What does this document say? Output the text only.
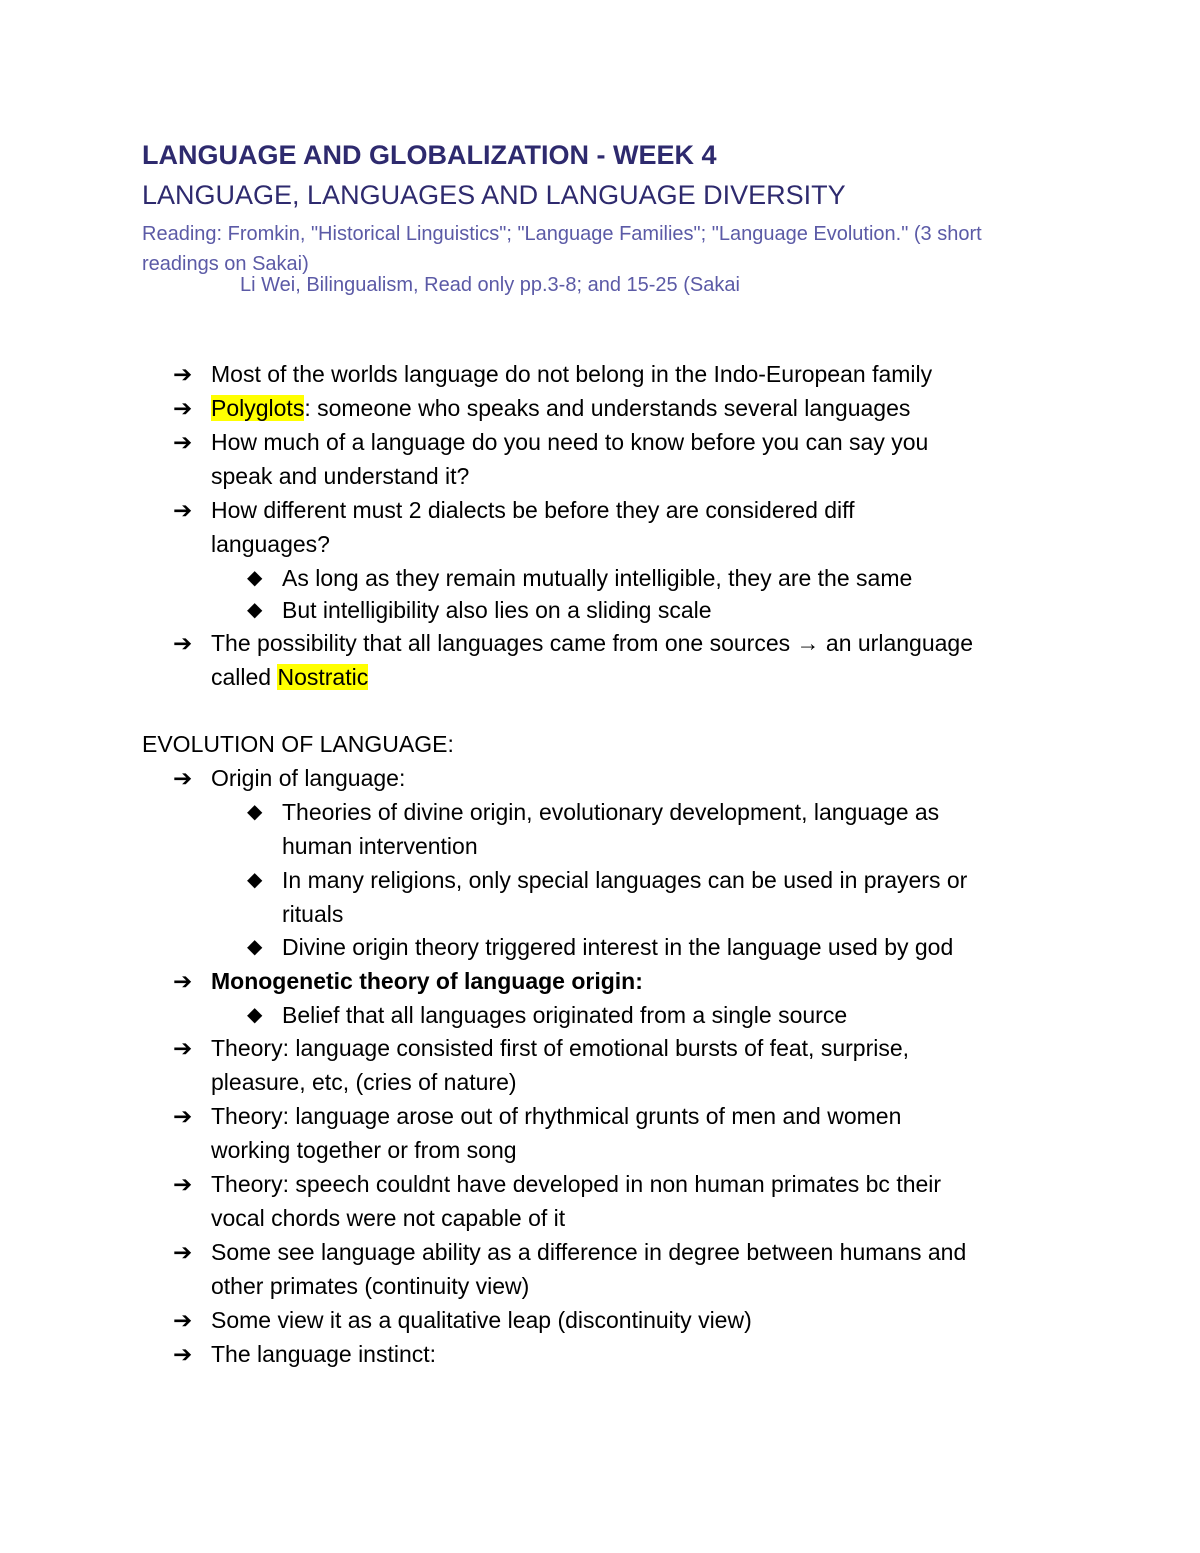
LANGUAGE AND GLOBALIZATION - WEEK 4
LANGUAGE, LANGUAGES AND LANGUAGE DIVERSITY
Reading: Fromkin, "Historical Linguistics"; "Language Families"; "Language Evolution." (3 short readings on Sakai)
Li Wei, Bilingualism, Read only pp.3-8; and 15-25 (Sakai
➔ Most of the worlds language do not belong in the Indo-European family
➔ Polyglots: someone who speaks and understands several languages
➔ How much of a language do you need to know before you can say you
speak and understand it?
➔ How different must 2 dialects be before they are considered diff
languages?
◆ As long as they remain mutually intelligible, they are the same
◆ But intelligibility also lies on a sliding scale
➔ The possibility that all languages came from one sources → an urlanguage
called Nostratic
EVOLUTION OF LANGUAGE:
➔ Origin of language:
◆ Theories of divine origin, evolutionary development, language as
human intervention
◆ In many religions, only special languages can be used in prayers or
rituals
◆ Divine origin theory triggered interest in the language used by god
➔ Monogenetic theory of language origin:
◆ Belief that all languages originated from a single source
➔ Theory: language consisted first of emotional bursts of feat, surprise,
pleasure, etc, (cries of nature)
➔ Theory: language arose out of rhythmical grunts of men and women
working together or from song
➔ Theory: speech couldnt have developed in non human primates bc their
vocal chords were not capable of it
➔ Some see language ability as a difference in degree between humans and
other primates (continuity view)
➔ Some view it as a qualitative leap (discontinuity view)
➔ The language instinct:
